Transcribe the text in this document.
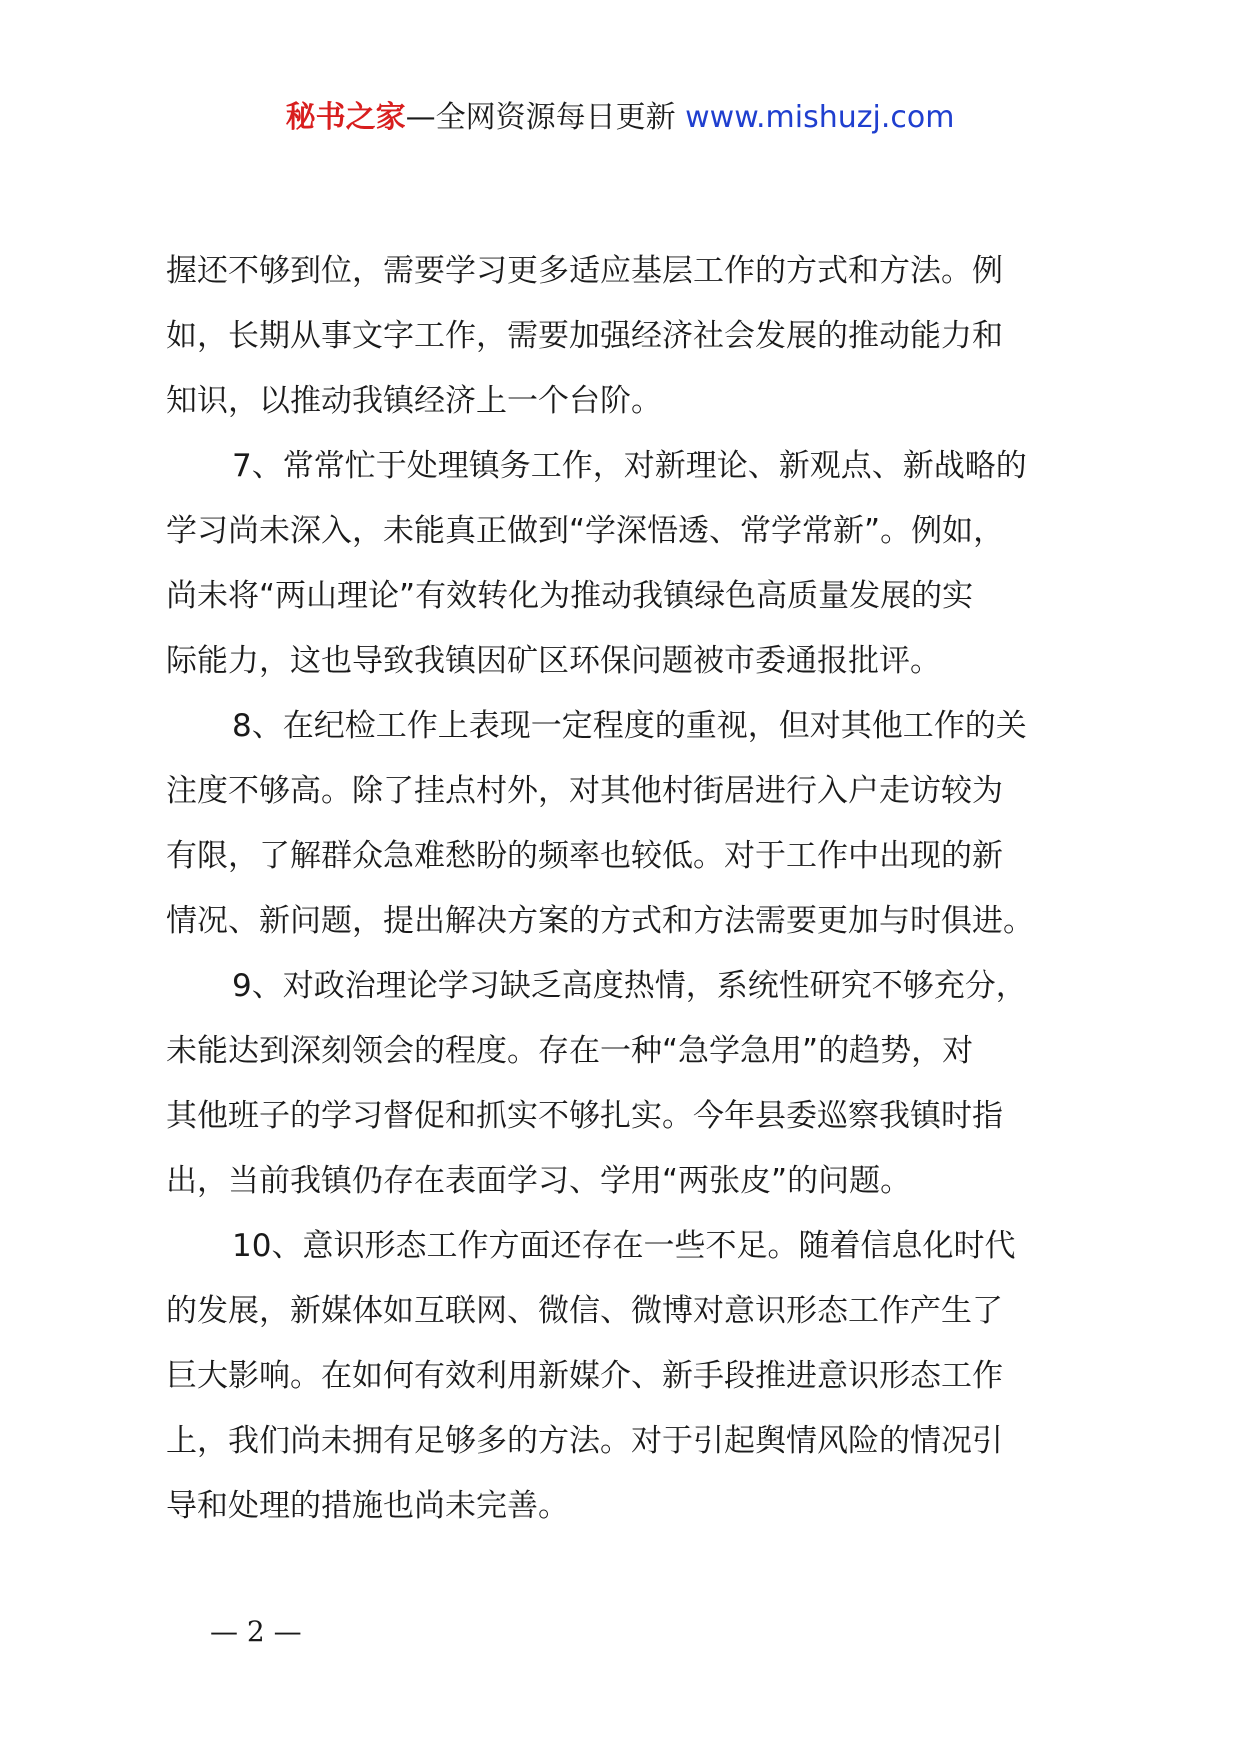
秘书之家—全网资源每日更新 www.mishuzj.com
握还不够到位，需要学习更多适应基层工作的方式和方法。例
如，长期从事文字工作，需要加强经济社会发展的推动能力和
知识，以推动我镇经济上一个台阶。
7、常常忙于处理镇务工作，对新理论、新观点、新战略的
学习尚未深入，未能真正做到“学深悟透、常学常新”。例如，
尚未将“两山理论”有效转化为推动我镇绿色高质量发展的实
际能力，这也导致我镇因矿区环保问题被市委通报批评。
8、在纪检工作上表现一定程度的重视，但对其他工作的关
注度不够高。除了挂点村外，对其他村街居进行入户走访较为
有限，了解群众急难愁盼的频率也较低。对于工作中出现的新
情况、新问题，提出解决方案的方式和方法需要更加与时俱进。
9、对政治理论学习缺乏高度热情，系统性研究不够充分，
未能达到深刻领会的程度。存在一种“急学急用”的趋势，对
其他班子的学习督促和抓实不够扎实。今年县委巡察我镇时指
出，当前我镇仍存在表面学习、学用“两张皮”的问题。
10、意识形态工作方面还存在一些不足。随着信息化时代
的发展，新媒体如互联网、微信、微博对意识形态工作产生了
巨大影响。在如何有效利用新媒介、新手段推进意识形态工作
上，我们尚未拥有足够多的方法。对于引起舆情风险的情况引
导和处理的措施也尚未完善。
— 2 —
